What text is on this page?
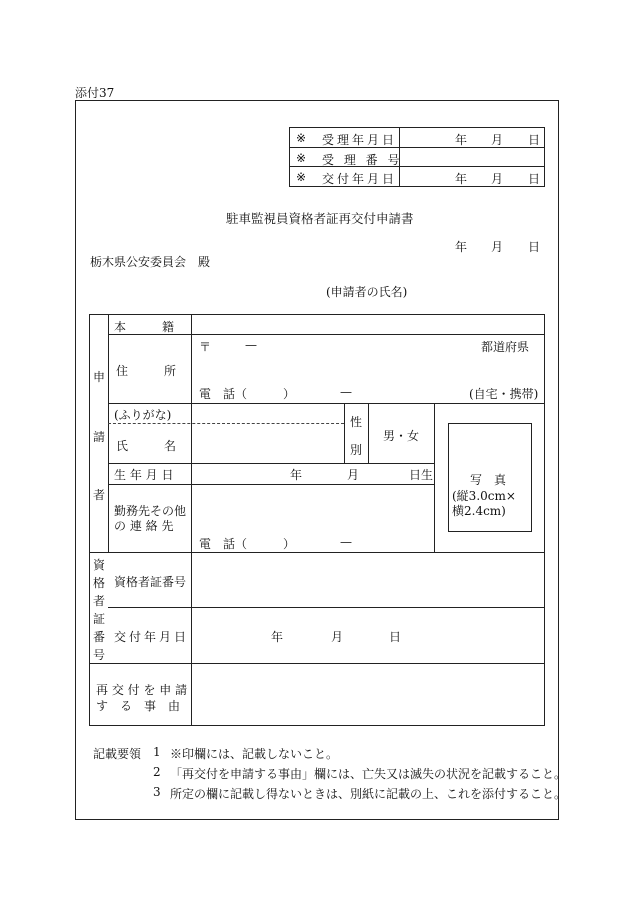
添付37
※ 受理年月日	年 月 日
※ 受 理 番 号
※ 交付年月日	年 月 日
駐車監視員資格者証再交付申請書
年 月 日
栃木県公安委員会　殿
(申請者の氏名)
申
請
者
本　　　籍
住　　　所
〒	—	都道府県
電　話（　　　）	—	(自宅・携帯)
(ふりがな)
氏　　　名
性
別
男・女
生 年 月 日	年	月	日生
勤務先その他
の 連 絡 先
電　話（　　　）	—
写　真
(縦3.0cm×
横2.4cm)
資
格
者
証
番
号
資格者証番号
交付年月日	年	月	日
再 交 付 を 申 請
す　る　事　由
記載要領 1 ※印欄には、記載しないこと。
2 「再交付を申請する事由」欄には、亡失又は滅失の状況を記載すること。
3 所定の欄に記載し得ないときは、別紙に記載の上、これを添付すること。
